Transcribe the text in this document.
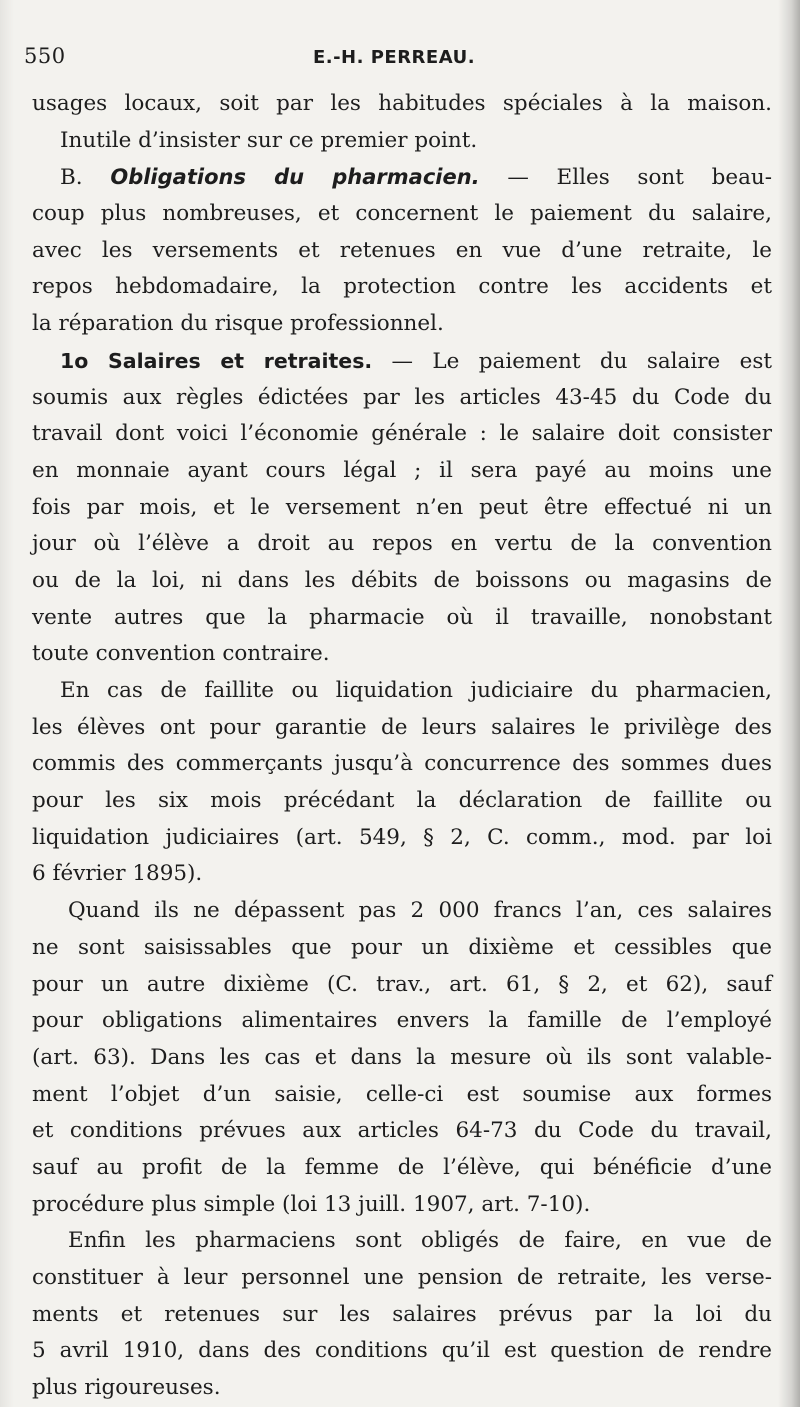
550	E.-H. PERREAU.
usages locaux, soit par les habitudes spéciales à la maison.
Inutile d’insister sur ce premier point.
B. Obligations du pharmacien. — Elles sont beau-
coup plus nombreuses, et concernent le paiement du salaire,
avec les versements et retenues en vue d’une retraite, le
repos hebdomadaire, la protection contre les accidents et
la réparation du risque professionnel.
1o Salaires et retraites. — Le paiement du salaire est
soumis aux règles édictées par les articles 43-45 du Code du
travail dont voici l’économie générale : le salaire doit consister
en monnaie ayant cours légal ; il sera payé au moins une
fois par mois, et le versement n’en peut être effectué ni un
jour où l’élève a droit au repos en vertu de la convention
ou de la loi, ni dans les débits de boissons ou magasins de
vente autres que la pharmacie où il travaille, nonobstant
toute convention contraire.
En cas de faillite ou liquidation judiciaire du pharmacien,
les élèves ont pour garantie de leurs salaires le privilège des
commis des commerçants jusqu’à concurrence des sommes dues
pour les six mois précédant la déclaration de faillite ou
liquidation judiciaires (art. 549, § 2, C. comm., mod. par loi
6 février 1895).
Quand ils ne dépassent pas 2 000 francs l’an, ces salaires
ne sont saisissables que pour un dixième et cessibles que
pour un autre dixième (C. trav., art. 61, § 2, et 62), sauf
pour obligations alimentaires envers la famille de l’employé
(art. 63). Dans les cas et dans la mesure où ils sont valable-
ment l’objet d’un saisie, celle-ci est soumise aux formes
et conditions prévues aux articles 64-73 du Code du travail,
sauf au profit de la femme de l’élève, qui bénéficie d’une
procédure plus simple (loi 13 juill. 1907, art. 7-10).
Enfin les pharmaciens sont obligés de faire, en vue de
constituer à leur personnel une pension de retraite, les verse-
ments et retenues sur les salaires prévus par la loi du
5 avril 1910, dans des conditions qu’il est question de rendre
plus rigoureuses.
